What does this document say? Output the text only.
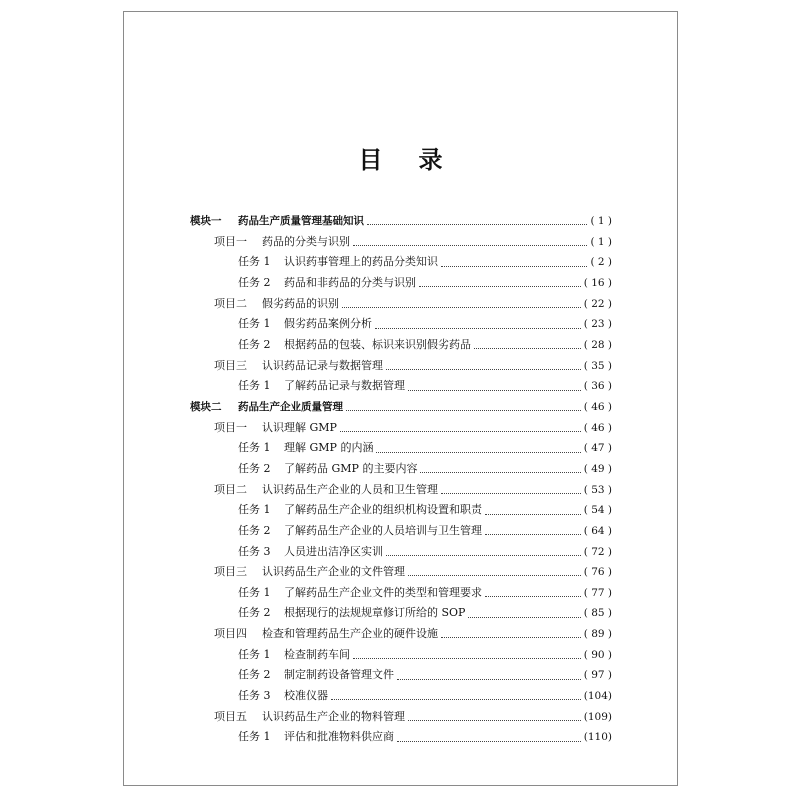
目 录
模块一	药品生产质量管理基础知识	( 1 )
项目一	药品的分类与识别	( 1 )
任务 1	认识药事管理上的药品分类知识	( 2 )
任务 2	药品和非药品的分类与识别	( 16 )
项目二	假劣药品的识别	( 22 )
任务 1	假劣药品案例分析	( 23 )
任务 2	根据药品的包装、标识来识别假劣药品	( 28 )
项目三	认识药品记录与数据管理	( 35 )
任务 1	了解药品记录与数据管理	( 36 )
模块二	药品生产企业质量管理	( 46 )
项目一	认识理解 GMP	( 46 )
任务 1	理解 GMP 的内涵	( 47 )
任务 2	了解药品 GMP 的主要内容	( 49 )
项目二	认识药品生产企业的人员和卫生管理	( 53 )
任务 1	了解药品生产企业的组织机构设置和职责	( 54 )
任务 2	了解药品生产企业的人员培训与卫生管理	( 64 )
任务 3	人员进出洁净区实训	( 72 )
项目三	认识药品生产企业的文件管理	( 76 )
任务 1	了解药品生产企业文件的类型和管理要求	( 77 )
任务 2	根据现行的法规规章修订所给的 SOP	( 85 )
项目四	检查和管理药品生产企业的硬件设施	( 89 )
任务 1	检查制药车间	( 90 )
任务 2	制定制药设备管理文件	( 97 )
任务 3	校准仪器	(104)
项目五	认识药品生产企业的物料管理	(109)
任务 1	评估和批准物料供应商	(110)
